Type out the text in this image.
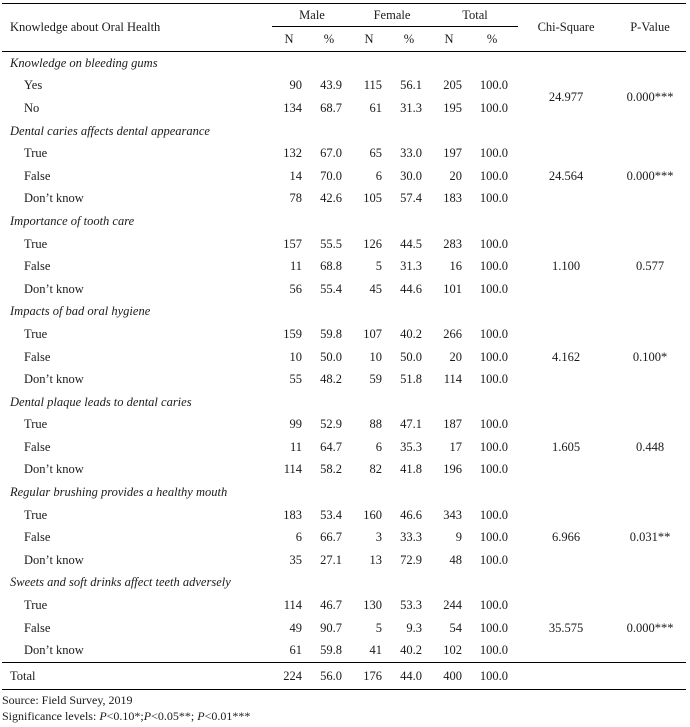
Knowledge about Oral Health	Male		Female		Total		Chi-Square	P-Value
	N	%	N	%	N	%		
Knowledge on bleeding gums								
Yes	90	43.9	115	56.1	205	100.0	24.977	0.000***
No	134	68.7	61	31.3	195	100.0		
Dental caries affects dental appearance								
True	132	67.0	65	33.0	197	100.0	24.564	0.000***
False	14	70.0	6	30.0	20	100.0		
Don’t know	78	42.6	105	57.4	183	100.0		
Importance of tooth care								
True	157	55.5	126	44.5	283	100.0	1.100	0.577
False	11	68.8	5	31.3	16	100.0		
Don’t know	56	55.4	45	44.6	101	100.0		
Impacts of bad oral hygiene								
True	159	59.8	107	40.2	266	100.0	4.162	0.100*
False	10	50.0	10	50.0	20	100.0		
Don’t know	55	48.2	59	51.8	114	100.0		
Dental plaque leads to dental caries								
True	99	52.9	88	47.1	187	100.0	1.605	0.448
False	11	64.7	6	35.3	17	100.0		
Don’t know	114	58.2	82	41.8	196	100.0		
Regular brushing provides a healthy mouth								
True	183	53.4	160	46.6	343	100.0	6.966	0.031**
False	6	66.7	3	33.3	9	100.0		
Don’t know	35	27.1	13	72.9	48	100.0		
Sweets and soft drinks affect teeth adversely								
True	114	46.7	130	53.3	244	100.0	35.575	0.000***
False	49	90.7	5	9.3	54	100.0		
Don’t know	61	59.8	41	40.2	102	100.0		
Total	224	56.0	176	44.0	400	100.0		
Source: Field Survey, 2019
Significance levels: P<0.10*;P<0.05**; P<0.01***
